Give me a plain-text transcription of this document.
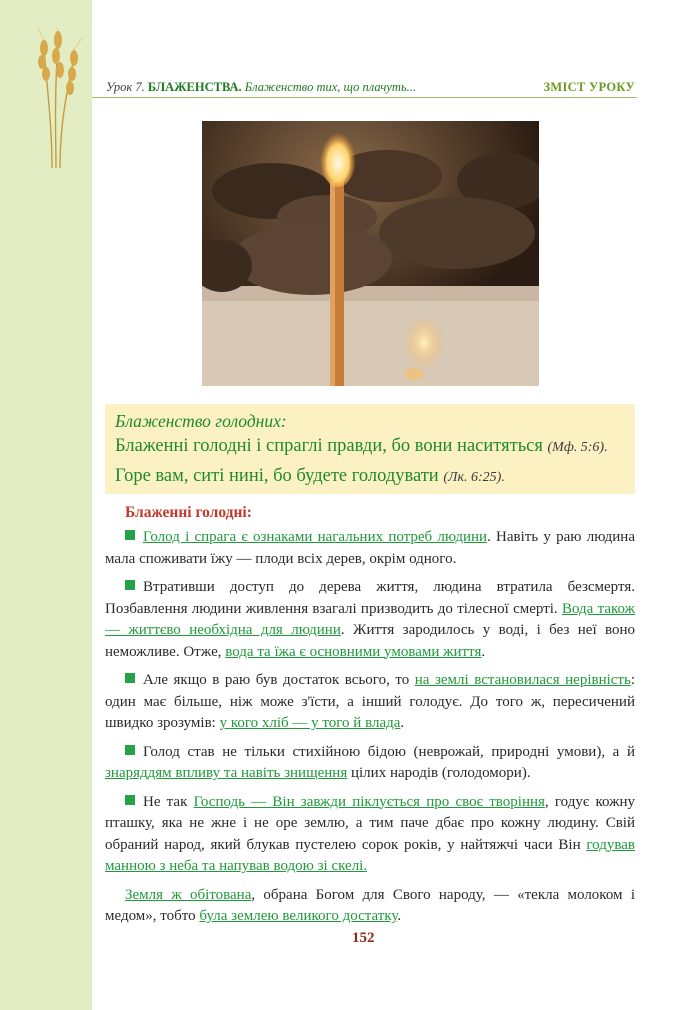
Урок 7. БЛАЖЕНСТВА. Блаженство тих, що плачуть...	ЗМІСТ УРОКУ
Блаженство голодних:
Блаженні голодні і спраглі правди, бо вони наситяться (Мф. 5:6).
Горе вам, ситі нині, бо будете голодувати (Лк. 6:25).
Блаженні голодні:

Голод і спрага є ознаками нагальних потреб людини. Навіть у раю людина мала споживати їжу — плоди всіх дерев, окрім одного.

Втративши доступ до дерева життя, людина втратила безсмертя. Позбавлення людини живлення взагалі призводить до тілесної смерті. Вода також — життєво необхідна для людини. Життя зародилось у воді, і без неї воно неможливе. Отже, вода та їжа є основними умовами життя.

Але якщо в раю був достаток всього, то на землі встановилася нерівність: один має більше, ніж може з'їсти, а інший голодує. До того ж, пересичений швидко зрозумів: у кого хліб — у того й влада.

Голод став не тільки стихійною бідою (неврожай, природні умови), а й знаряддям впливу та навіть знищення цілих народів (голодомори).

Не так Господь — Він завжди піклується про своє творіння, годує кожну пташку, яка не жне і не оре землю, а тим паче дбає про кожну людину. Свій обраний народ, який блукав пустелею сорок років, у найтяжчі часи Він годував манною з неба та напував водою зі скелі.

Земля ж обітована, обрана Богом для Свого народу, — «текла молоком і медом», тобто була землею великого достатку.

152
